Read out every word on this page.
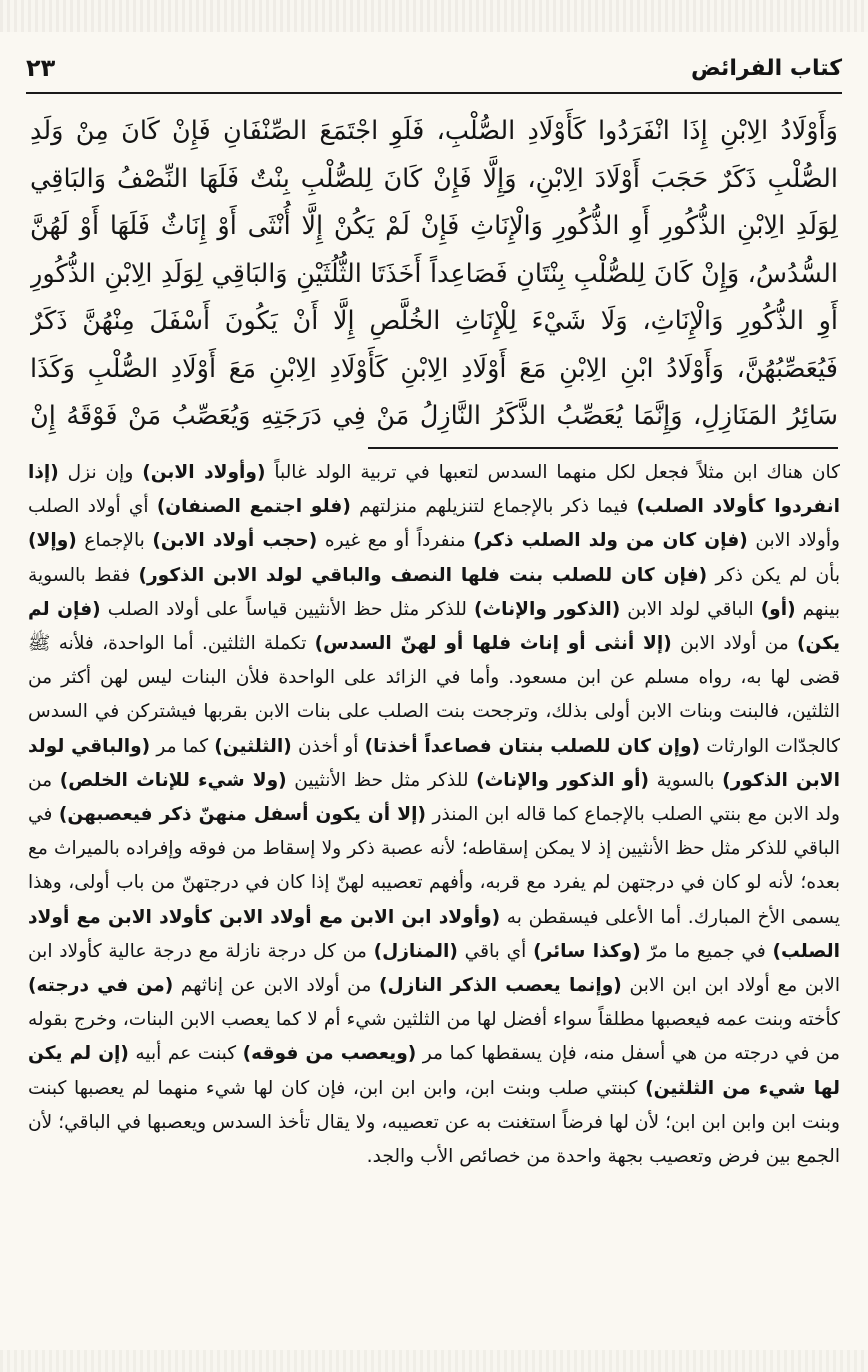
كتاب الفرائض
٢٣
وَأَوْلَادُ الِابْنِ إِذَا انْفَرَدُوا كَأَوْلَادِ الصُّلْبِ، فَلَوِ اجْتَمَعَ الصِّنْفَانِ فَإِنْ كَانَ مِنْ وَلَدِ الصُّلْبِ ذَكَرٌ حَجَبَ أَوْلَادَ الِابْنِ، وَإِلَّا فَإِنْ كَانَ لِلصُّلْبِ بِنْتٌ فَلَهَا النِّصْفُ وَالبَاقِي لِوَلَدِ الِابْنِ الذُّكُورِ أَوِ الذُّكُورِ وَالْإِنَاثِ فَإِنْ لَمْ يَكُنْ إِلَّا أُنْثَى أَوْ إِنَاثٌ فَلَهَا أَوْ لَهُنَّ السُّدُسُ، وَإِنْ كَانَ لِلصُّلْبِ بِنْتَانِ فَصَاعِداً أَخَذَتَا الثُّلُثَيْنِ وَالبَاقِي لِوَلَدِ الِابْنِ الذُّكُورِ أَوِ الذُّكُورِ وَالْإِنَاثِ، وَلَا شَيْءَ لِلْإِنَاثِ الخُلَّصِ إِلَّا أَنْ يَكُونَ أَسْفَلَ مِنْهُنَّ ذَكَرٌ فَيُعَصِّبُهُنَّ، وَأَوْلَادُ ابْنِ الِابْنِ مَعَ أَوْلَادِ الِابْنِ كَأَوْلَادِ الِابْنِ مَعَ أَوْلَادِ الصُّلْبِ وَكَذَا سَائِرُ المَنَازِلِ، وَإِنَّمَا يُعَصِّبُ الذَّكَرُ النَّازِلُ مَنْ فِي دَرَجَتِهِ وَيُعَصِّبُ مَنْ فَوْقَهُ إِنْ
كان هناك ابن مثلاً فجعل لكل منهما السدس لتعبها في تربية الولد غالباً (وأولاد الابن) وإن نزل (إذا انفردوا كأولاد الصلب) فيما ذكر بالإجماع لتنزيلهم منزلتهم (فلو اجتمع الصنفان) أي أولاد الصلب وأولاد الابن (فإن كان من ولد الصلب ذكر) منفرداً أو مع غيره (حجب أولاد الابن) بالإجماع (وإلا) بأن لم يكن ذكر (فإن كان للصلب بنت فلها النصف والباقي لولد الابن الذكور) فقط بالسوية بينهم (أو) الباقي لولد الابن (الذكور والإناث) للذكر مثل حظ الأنثيين قياساً على أولاد الصلب (فإن لم يكن) من أولاد الابن (إلا أنثى أو إناث فلها أو لهنّ السدس) تكملة الثلثين. أما الواحدة، فلأنه ﷺ قضى لها به، رواه مسلم عن ابن مسعود. وأما في الزائد على الواحدة فلأن البنات ليس لهن أكثر من الثلثين، فالبنت وبنات الابن أولى بذلك، وترجحت بنت الصلب على بنات الابن بقربها فيشتركن في السدس كالجدّات الوارثات (وإن كان للصلب بنتان فصاعداً أخذتا) أو أخذن (الثلثين) كما مر (والباقي لولد الابن الذكور) بالسوية (أو الذكور والإناث) للذكر مثل حظ الأنثيين (ولا شيء للإناث الخلص) من ولد الابن مع بنتي الصلب بالإجماع كما قاله ابن المنذر (إلا أن يكون أسفل منهنّ ذكر فيعصبهن) في الباقي للذكر مثل حظ الأنثيين إذ لا يمكن إسقاطه؛ لأنه عصبة ذكر ولا إسقاط من فوقه وإفراده بالميراث مع بعده؛ لأنه لو كان في درجتهن لم يفرد مع قربه، وأفهم تعصيبه لهنّ إذا كان في درجتهنّ من باب أولى، وهذا يسمى الأخ المبارك. أما الأعلى فيسقطن به (وأولاد ابن الابن مع أولاد الابن كأولاد الابن مع أولاد الصلب) في جميع ما مرّ (وكذا سائر) أي باقي (المنازل) من كل درجة نازلة مع درجة عالية كأولاد ابن الابن مع أولاد ابن ابن الابن (وإنما يعصب الذكر النازل) من أولاد الابن عن إناثهم (من في درجته) كأخته وبنت عمه فيعصبها مطلقاً سواء أفضل لها من الثلثين شيء أم لا كما يعصب الابن البنات، وخرج بقوله من في درجته من هي أسفل منه، فإن يسقطها كما مر (ويعصب من فوقه) كبنت عم أبيه (إن لم يكن لها شيء من الثلثين) كبنتي صلب وبنت ابن، وابن ابن ابن، فإن كان لها شيء منهما لم يعصبها كبنت وبنت ابن وابن ابن ابن؛ لأن لها فرضاً استغنت به عن تعصيبه، ولا يقال تأخذ السدس ويعصبها في الباقي؛ لأن الجمع بين فرض وتعصيب بجهة واحدة من خصائص الأب والجد.
